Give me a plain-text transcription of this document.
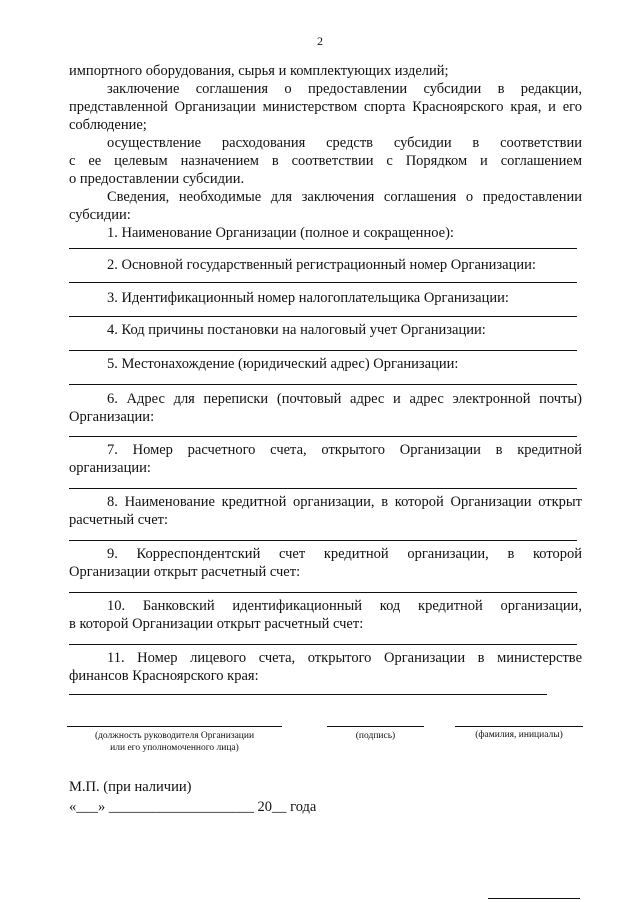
2
импортного оборудования, сырья и комплектующих изделий;
заключение соглашения о предоставлении субсидии в редакции,
представленной Организации министерством спорта Красноярского края, и его
соблюдение;
осуществление расходования средств субсидии в соответствии
с ее целевым назначением в соответствии с Порядком и соглашением
о предоставлении субсидии.
Сведения, необходимые для заключения соглашения о предоставлении
субсидии:
1. Наименование Организации (полное и сокращенное):
2. Основной государственный регистрационный номер Организации:
3. Идентификационный номер налогоплательщика Организации:
4. Код причины постановки на налоговый учет Организации:
5. Местонахождение (юридический адрес) Организации:
6. Адрес для переписки (почтовый адрес и адрес электронной почты)
Организации:
7. Номер расчетного счета, открытого Организации в кредитной
организации:
8. Наименование кредитной организации, в которой Организации открыт
расчетный счет:
9. Корреспондентский счет кредитной организации, в которой
Организации открыт расчетный счет:
10. Банковский идентификационный код кредитной организации,
в которой Организации открыт расчетный счет:
11. Номер лицевого счета, открытого Организации в министерстве
финансов Красноярского края:
(должность руководителя Организации
или его уполномоченного лица)
(подпись)	(фамилия, инициалы)
М.П. (при наличии)
«___» ____________________ 20__ года
